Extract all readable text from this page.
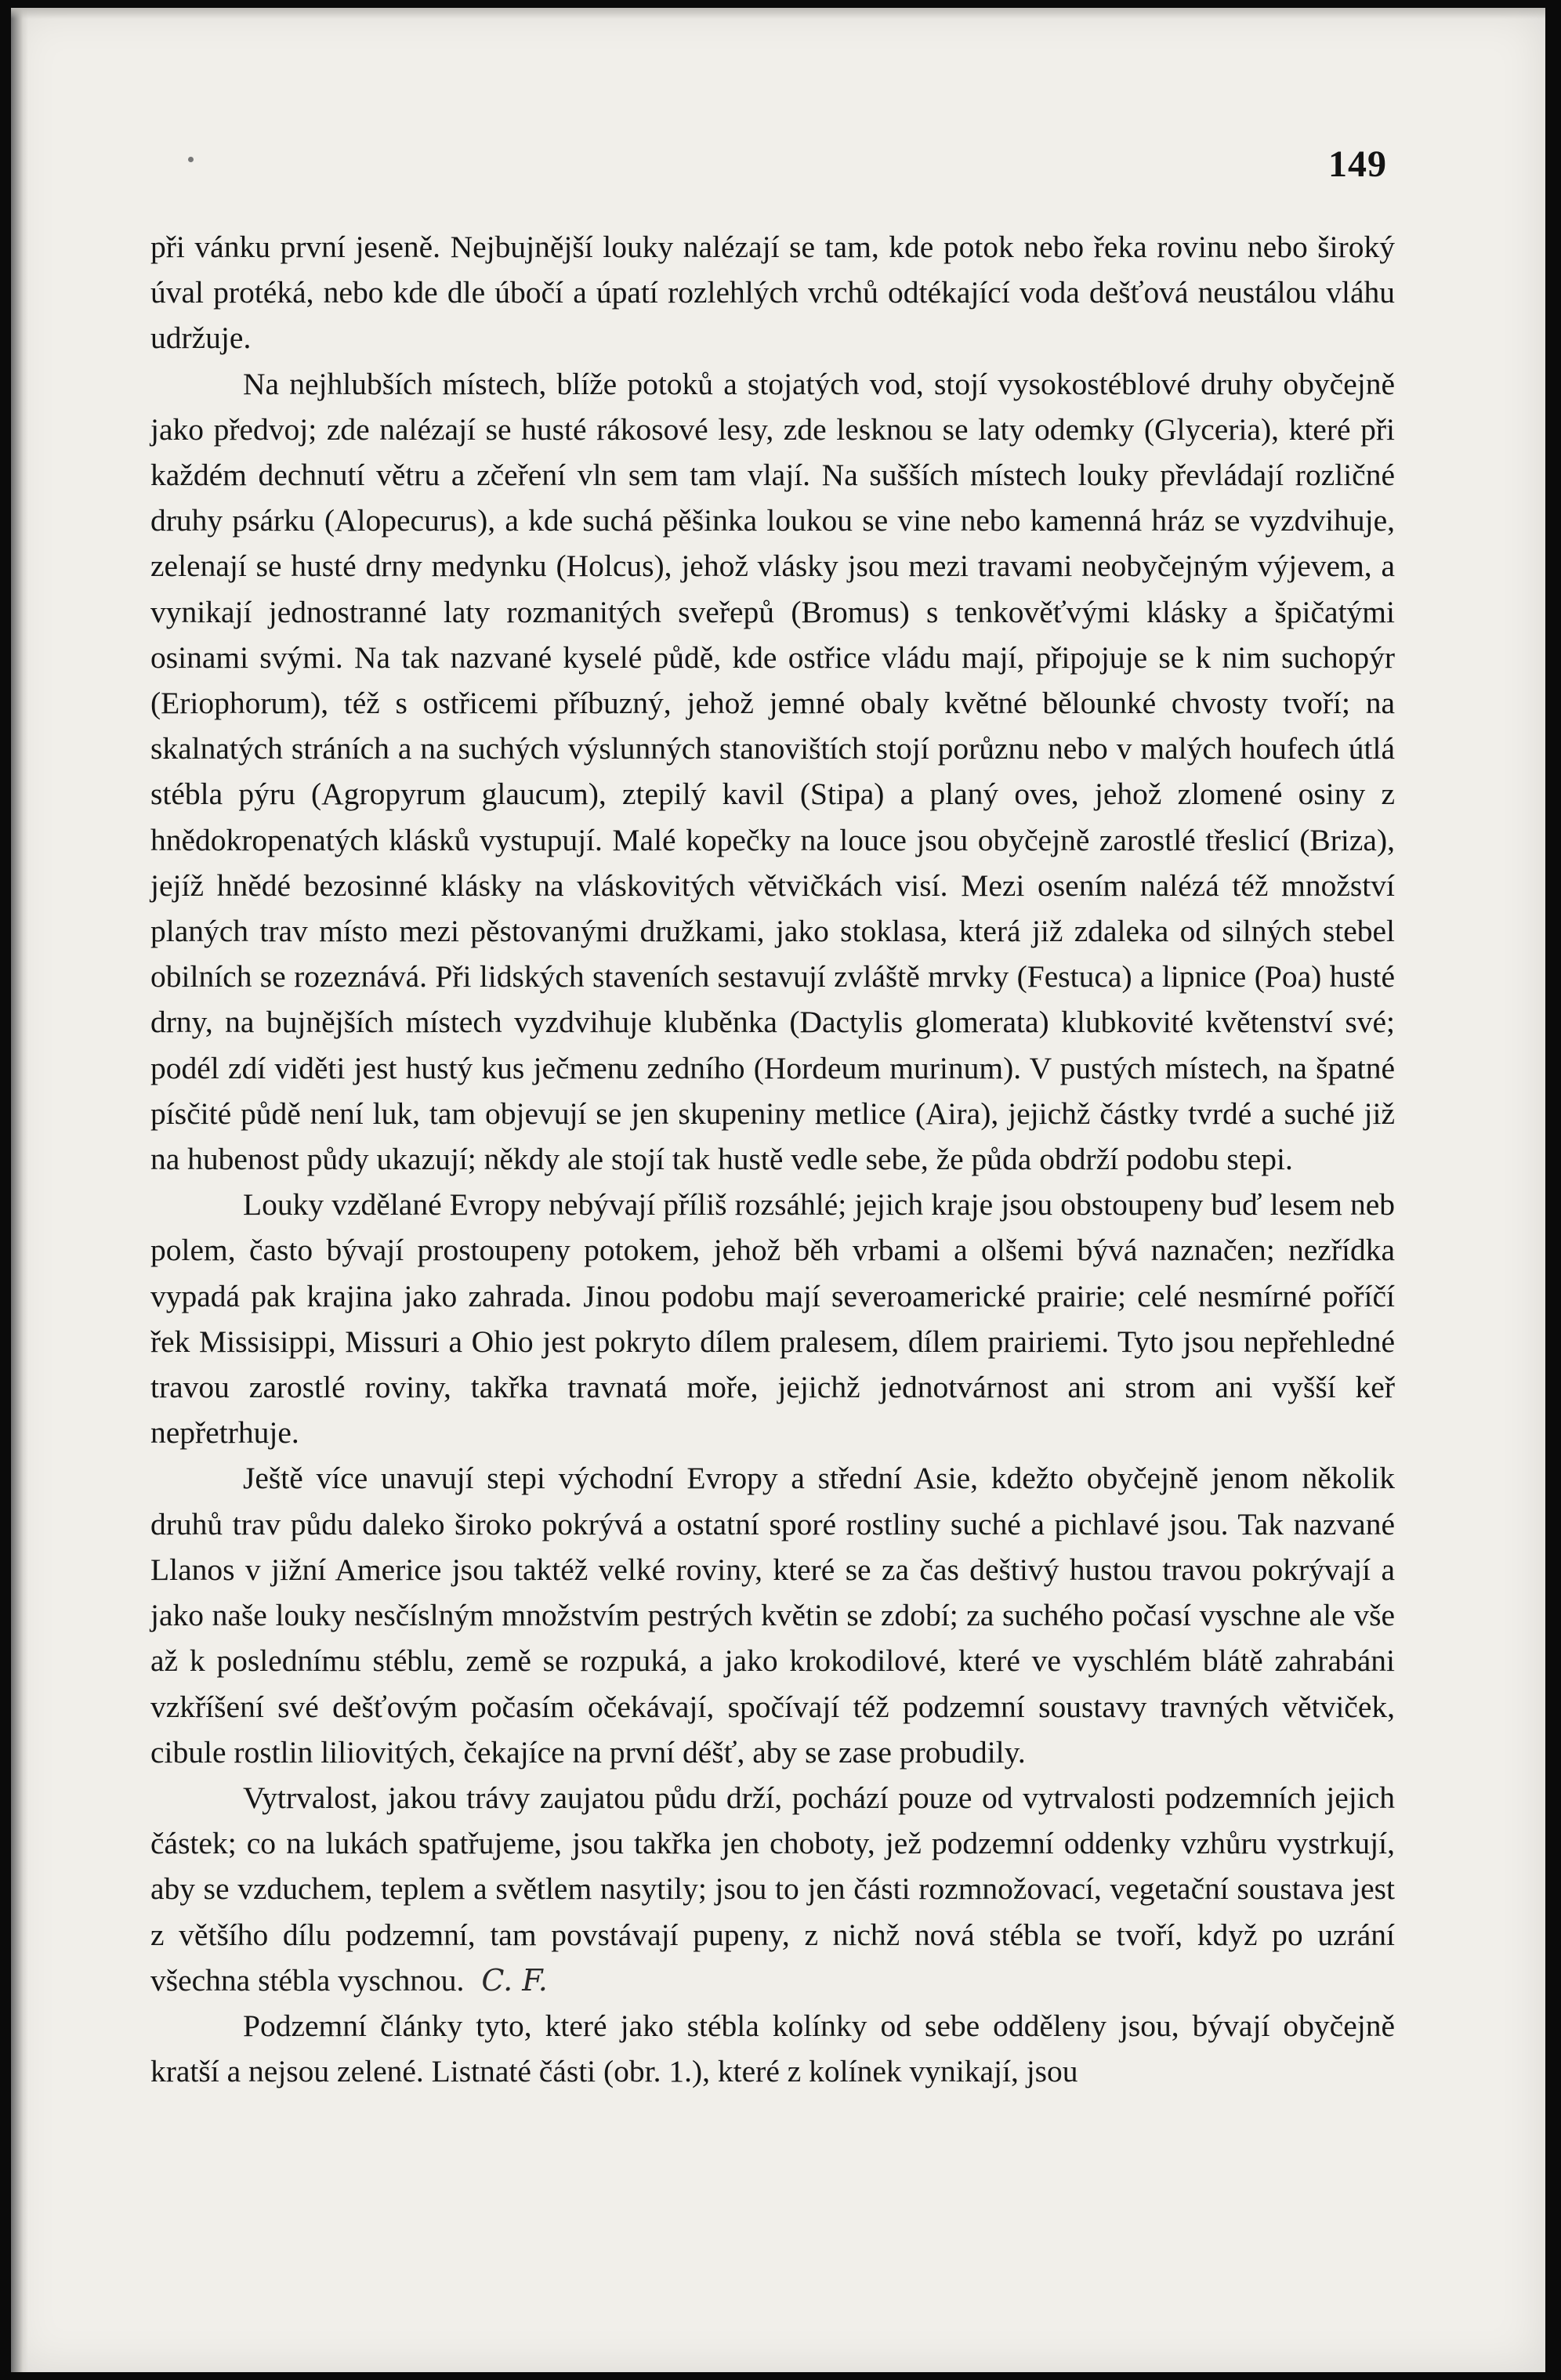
149

při vánku první jeseně. Nejbujnější louky nalézají se tam, kde potok nebo řeka rovinu nebo široký úval protéká, nebo kde dle úbočí a úpatí rozlehlých vrchů odtékající voda dešťová neustálou vláhu udržuje.

Na nejhlubších místech, blíže potoků a stojatých vod, stojí vysokostéblové druhy obyčejně jako předvoj; zde nalézají se husté rákosové lesy, zde lesknou se laty odemky (Glyceria), které při každém dechnutí větru a zčeření vln sem tam vlají. Na sušších místech louky převládají rozličné druhy psárku (Alopecurus), a kde suchá pěšinka loukou se vine nebo kamenná hráz se vyzdvihuje, zelenají se husté drny medynku (Holcus), jehož vlásky jsou mezi travami neobyčejným výjevem, a vynikají jednostranné laty rozmanitých sveřepů (Bromus) s tenkověťvými klásky a špičatými osinami svými. Na tak nazvané kyselé půdě, kde ostřice vládu mají, připojuje se k nim suchopýr (Eriophorum), též s ostřicemi příbuzný, jehož jemné obaly květné bělounké chvosty tvoří; na skalnatých stráních a na suchých výslunných stanovištích stojí porůznu nebo v malých houfech útlá stébla pýru (Agropyrum glaucum), ztepilý kavil (Stipa) a planý oves, jehož zlomené osiny z hnědokropenatých klásků vystupují. Malé kopečky na louce jsou obyčejně zarostlé třeslicí (Briza), jejíž hnědé bezosinné klásky na vláskovitých větvičkách visí. Mezi osením nalézá též množství planých trav místo mezi pěstovanými družkami, jako stoklasa, která již zdaleka od silných stebel obilních se rozeznává. Při lidských staveních sestavují zvláště mrvky (Festuca) a lipnice (Poa) husté drny, na bujnějších místech vyzdvihuje kluběnka (Dactylis glomerata) klubkovité květenství své; podél zdí viděti jest hustý kus ječmenu zedního (Hordeum murinum). V pustých místech, na špatné písčité půdě není luk, tam objevují se jen skupeniny metlice (Aira), jejichž částky tvrdé a suché již na hubenost půdy ukazují; někdy ale stojí tak hustě vedle sebe, že půda obdrží podobu stepi.

Louky vzdělané Evropy nebývají příliš rozsáhlé; jejich kraje jsou obstoupeny buď lesem neb polem, často bývají prostoupeny potokem, jehož běh vrbami a olšemi bývá naznačen; nezřídka vypadá pak krajina jako zahrada. Jinou podobu mají severoamerické prairie; celé nesmírné poříčí řek Missisippi, Missuri a Ohio jest pokryto dílem pralesem, dílem prairiemi. Tyto jsou nepřehledné travou zarostlé roviny, takřka travnatá moře, jejichž jednotvárnost ani strom ani vyšší keř nepřetrhuje.

Ještě více unavují stepi východní Evropy a střední Asie, kdežto obyčejně jenom několik druhů trav půdu daleko široko pokrývá a ostatní sporé rostliny suché a pichlavé jsou. Tak nazvané Llanos v jižní Americe jsou taktéž velké roviny, které se za čas deštivý hustou travou pokrývají a jako naše louky nesčíslným množstvím pestrých květin se zdobí; za suchého počasí vyschne ale vše až k poslednímu stéblu, země se rozpuká, a jako krokodilové, které ve vyschlém blátě zahrabáni vzkříšení své dešťovým počasím očekávají, spočívají též podzemní soustavy travných větviček, cibule rostlin liliovitých, čekajíce na první déšť, aby se zase probudily.

Vytrvalost, jakou trávy zaujatou půdu drží, pochází pouze od vytrvalosti podzemních jejich částek; co na lukách spatřujeme, jsou takřka jen choboty, jež podzemní oddenky vzhůru vystrkují, aby se vzduchem, teplem a světlem nasytily; jsou to jen části rozmnožovací, vegetační soustava jest z většího dílu podzemní, tam povstávají pupeny, z nichž nová stébla se tvoří, když po uzrání všechna stébla vyschnou. C. F.

Podzemní články tyto, které jako stébla kolínky od sebe odděleny jsou, bývají obyčejně kratší a nejsou zelené. Listnaté části (obr. 1.), které z kolínek vynikají, jsou
